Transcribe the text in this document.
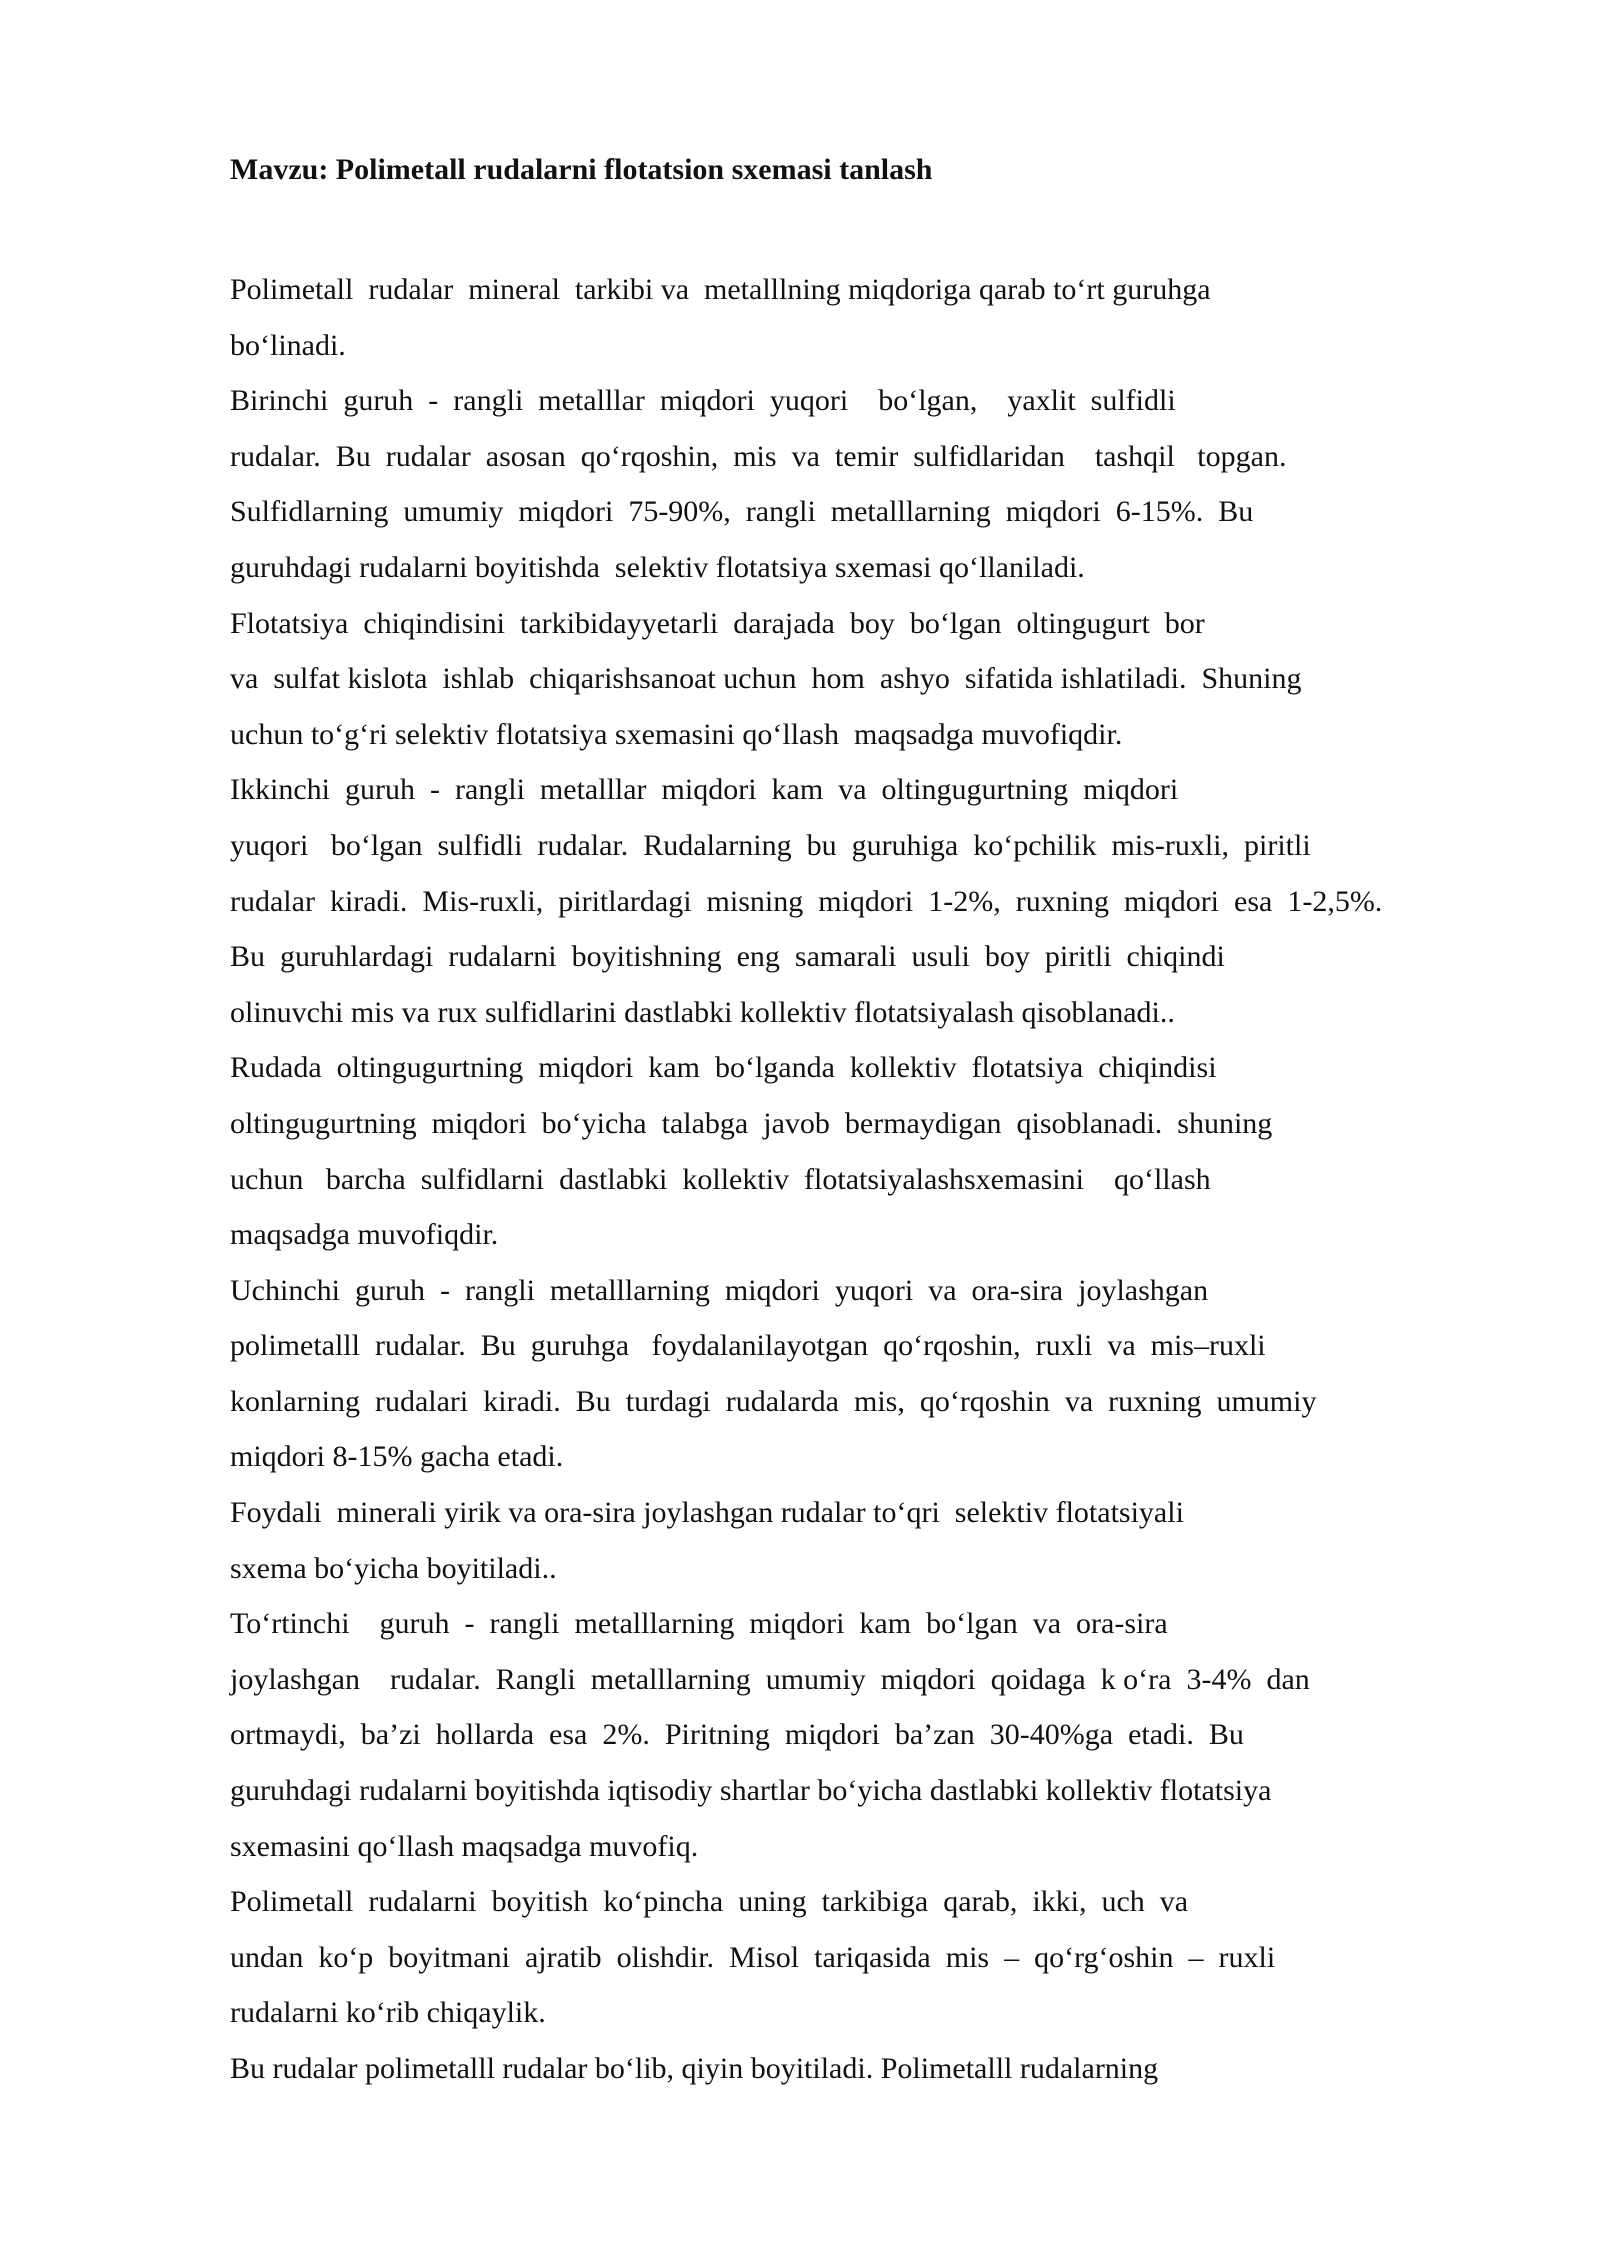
Mavzu: Polimetall rudalarni flotatsion sxemasi tanlash
Polimetall  rudalar  mineral  tarkibi va  metalllning miqdoriga qarab to‘rt guruhga
bo‘linadi.
Birinchi  guruh  -  rangli  metalllar  miqdori  yuqori    bo‘lgan,    yaxlit  sulfidli
rudalar.  Bu  rudalar  asosan  qo‘rqoshin,  mis  va  temir  sulfidlaridan    tashqil   topgan.
Sulfidlarning  umumiy  miqdori  75-90%,  rangli  metalllarning  miqdori  6-15%.  Bu
guruhdagi rudalarni boyitishda  selektiv flotatsiya sxemasi qo‘llaniladi.
Flotatsiya  chiqindisini  tarkibidayyetarli  darajada  boy  bo‘lgan  oltingugurt  bor
va  sulfat kislota  ishlab  chiqarishsanoat uchun  hom  ashyo  sifatida ishlatiladi.  Shuning
uchun to‘g‘ri selektiv flotatsiya sxemasini qo‘llash  maqsadga muvofiqdir.
Ikkinchi  guruh  -  rangli  metalllar  miqdori  kam  va  oltingugurtning  miqdori
yuqori   bo‘lgan  sulfidli  rudalar.  Rudalarning  bu  guruhiga  ko‘pchilik  mis-ruxli,  piritli
rudalar  kiradi.  Mis-ruxli,  piritlardagi  misning  miqdori  1-2%,  ruxning  miqdori  esa  1-2,5%.
Bu  guruhlardagi  rudalarni  boyitishning  eng  samarali  usuli  boy  piritli  chiqindi
olinuvchi mis va rux sulfidlarini dastlabki kollektiv flotatsiyalash qisoblanadi..
Rudada  oltingugurtning  miqdori  kam  bo‘lganda  kollektiv  flotatsiya  chiqindisi
oltingugurtning  miqdori  bo‘yicha  talabga  javob  bermaydigan  qisoblanadi.  shuning
uchun   barcha  sulfidlarni  dastlabki  kollektiv  flotatsiyalashsxemasini    qo‘llash
maqsadga muvofiqdir.
Uchinchi  guruh  -  rangli  metalllarning  miqdori  yuqori  va  ora-sira  joylashgan
polimetalll  rudalar.  Bu  guruhga   foydalanilayotgan  qo‘rqoshin,  ruxli  va  mis–ruxli
konlarning  rudalari  kiradi.  Bu  turdagi  rudalarda  mis,  qo‘rqoshin  va  ruxning  umumiy
miqdori 8-15% gacha etadi.
Foydali  minerali yirik va ora-sira joylashgan rudalar to‘qri  selektiv flotatsiyali
sxema bo‘yicha boyitiladi..
To‘rtinchi    guruh  -  rangli  metalllarning  miqdori  kam  bo‘lgan  va  ora-sira
joylashgan    rudalar.  Rangli  metalllarning  umumiy  miqdori  qoidaga  k o‘ra  3-4%  dan
ortmaydi,  ba’zi  hollarda  esa  2%.  Piritning  miqdori  ba’zan  30-40%ga  etadi.  Bu
guruhdagi rudalarni boyitishda iqtisodiy shartlar bo‘yicha dastlabki kollektiv flotatsiya
sxemasini qo‘llash maqsadga muvofiq.
Polimetall  rudalarni  boyitish  ko‘pincha  uning  tarkibiga  qarab,  ikki,  uch  va
undan  ko‘p  boyitmani  ajratib  olishdir.  Misol  tariqasida  mis  –  qo‘rg‘oshin  –  ruxli
rudalarni ko‘rib chiqaylik.
Bu rudalar polimetalll rudalar bo‘lib, qiyin boyitiladi. Polimetalll rudalarning
